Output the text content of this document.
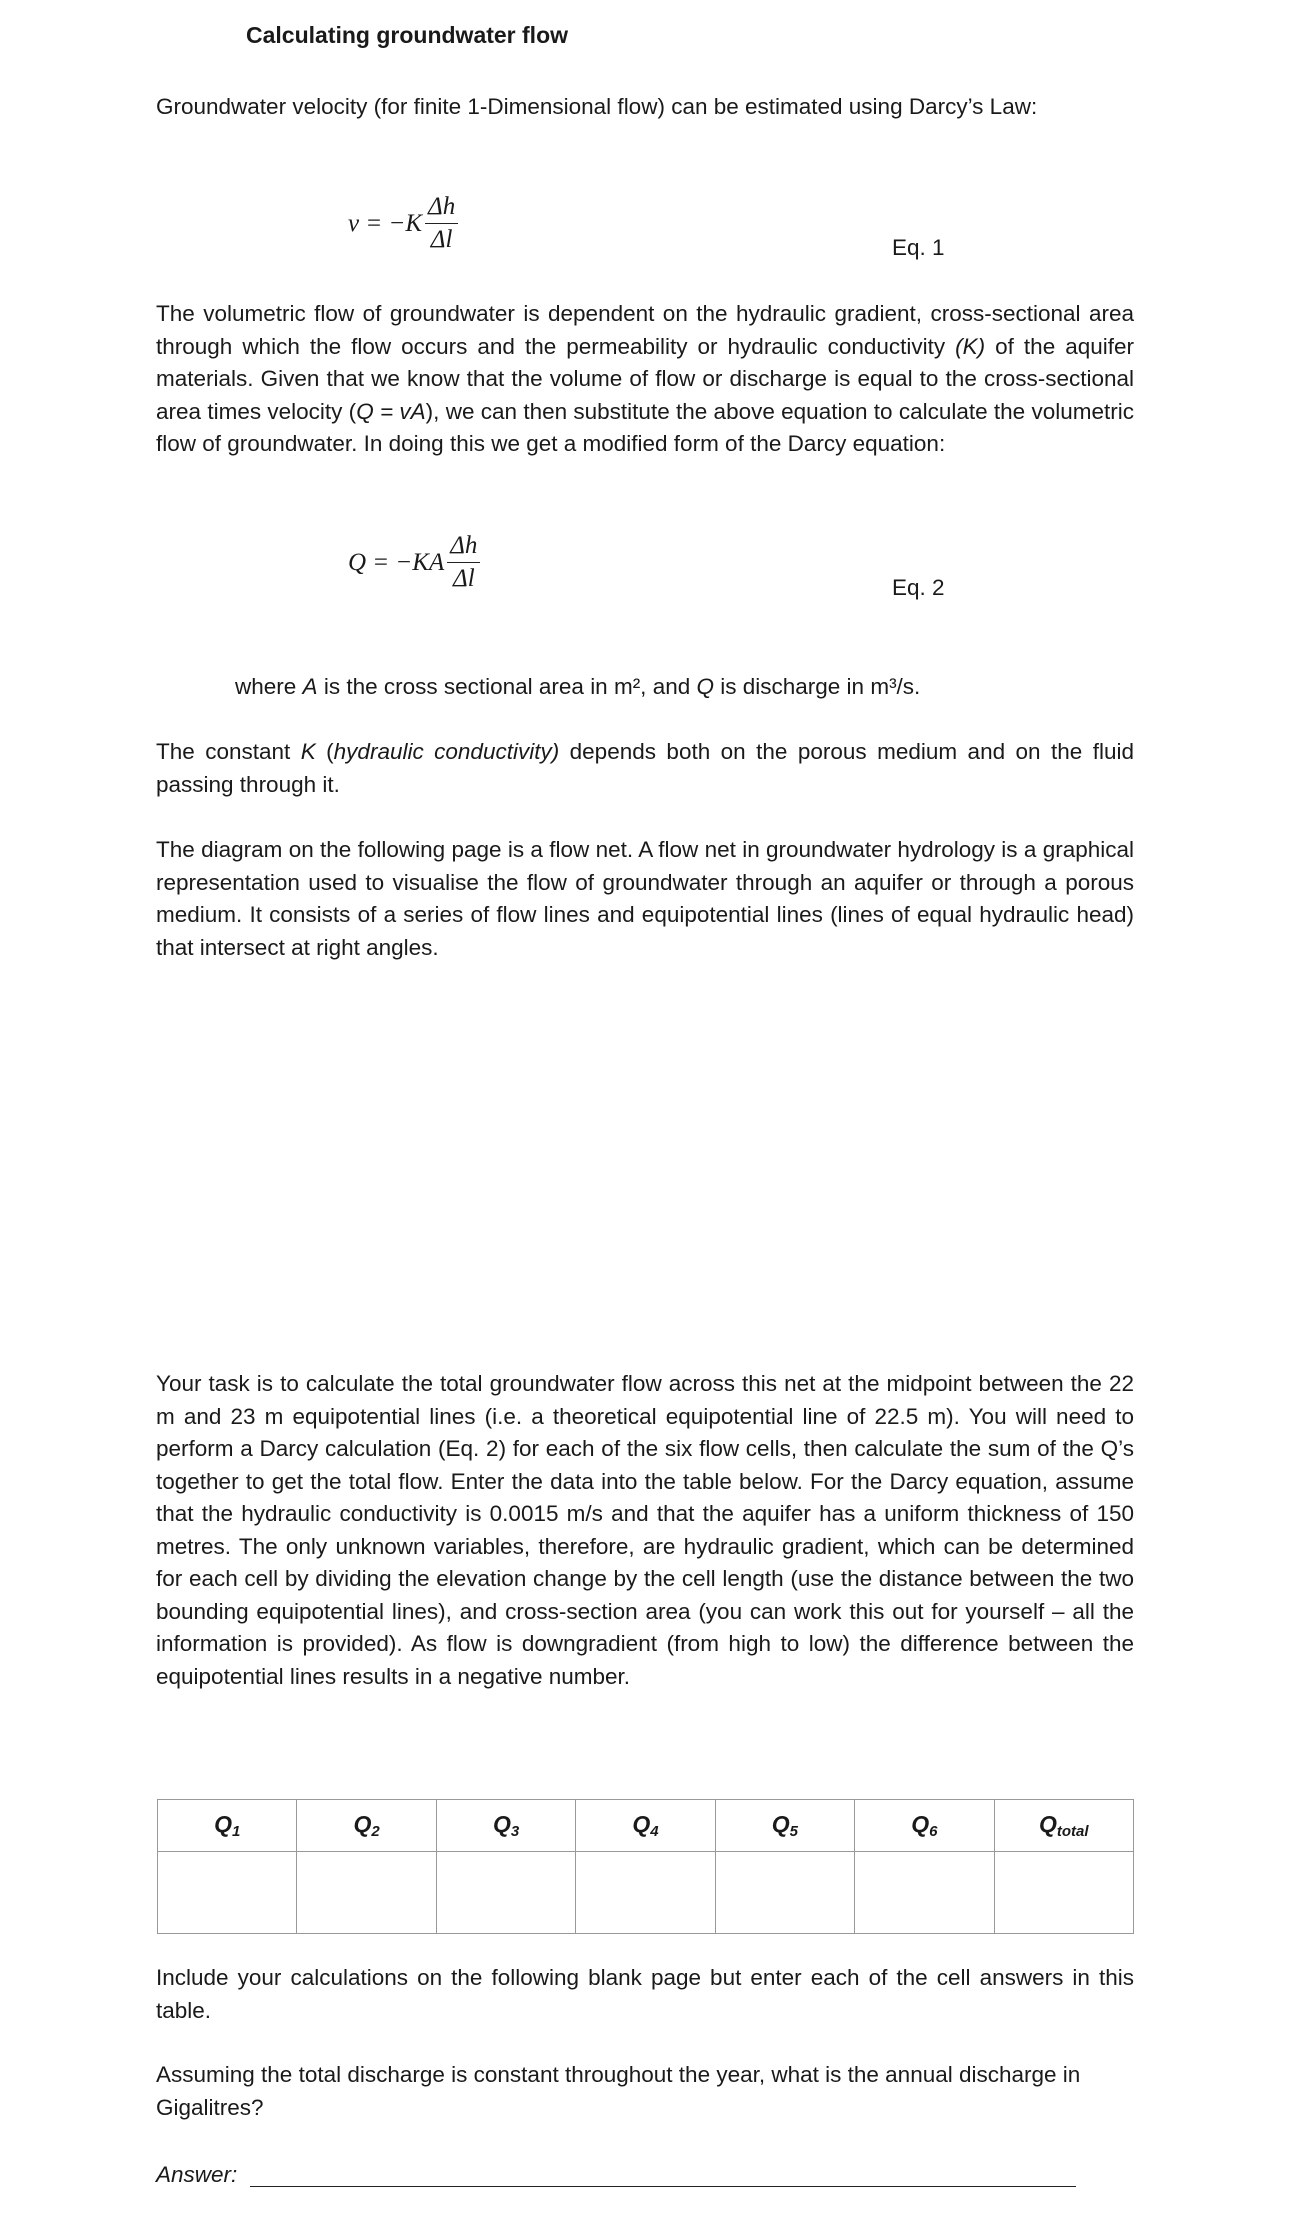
Calculating groundwater flow

Groundwater velocity (for finite 1-Dimensional flow) can be estimated using Darcy’s Law:

$v = -K \frac{\Delta h}{\Delta l}$	Eq. 1

The volumetric flow of groundwater is dependent on the hydraulic gradient, cross-sectional area through which the flow occurs and the permeability or hydraulic conductivity (K) of the aquifer materials. Given that we know that the volume of flow or discharge is equal to the cross-sectional area times velocity (Q = vA), we can then substitute the above equation to calculate the volumetric flow of groundwater. In doing this we get a modified form of the Darcy equation:

$Q = -KA \frac{\Delta h}{\Delta l}$	Eq. 2

where A is the cross sectional area in m², and Q is discharge in m³/s.

The constant K (hydraulic conductivity) depends both on the porous medium and on the fluid passing through it.

The diagram on the following page is a flow net. A flow net in groundwater hydrology is a graphical representation used to visualise the flow of groundwater through an aquifer or through a porous medium. It consists of a series of flow lines and equipotential lines (lines of equal hydraulic head) that intersect at right angles.

Your task is to calculate the total groundwater flow across this net at the midpoint between the 22 m and 23 m equipotential lines (i.e. a theoretical equipotential line of 22.5 m). You will need to perform a Darcy calculation (Eq. 2) for each of the six flow cells, then calculate the sum of the Q’s together to get the total flow. Enter the data into the table below. For the Darcy equation, assume that the hydraulic conductivity is 0.0015 m/s and that the aquifer has a uniform thickness of 150 metres. The only unknown variables, therefore, are hydraulic gradient, which can be determined for each cell by dividing the elevation change by the cell length (use the distance between the two bounding equipotential lines), and cross-section area (you can work this out for yourself – all the information is provided). As flow is downgradient (from high to low) the difference between the equipotential lines results in a negative number.

$Q_1$	$Q_2$	$Q_3$	$Q_4$	$Q_5$	$Q_6$	$Q_{total}$

Include your calculations on the following blank page but enter each of the cell answers in this table.

Assuming the total discharge is constant throughout the year, what is the annual discharge in Gigalitres?

Answer:
